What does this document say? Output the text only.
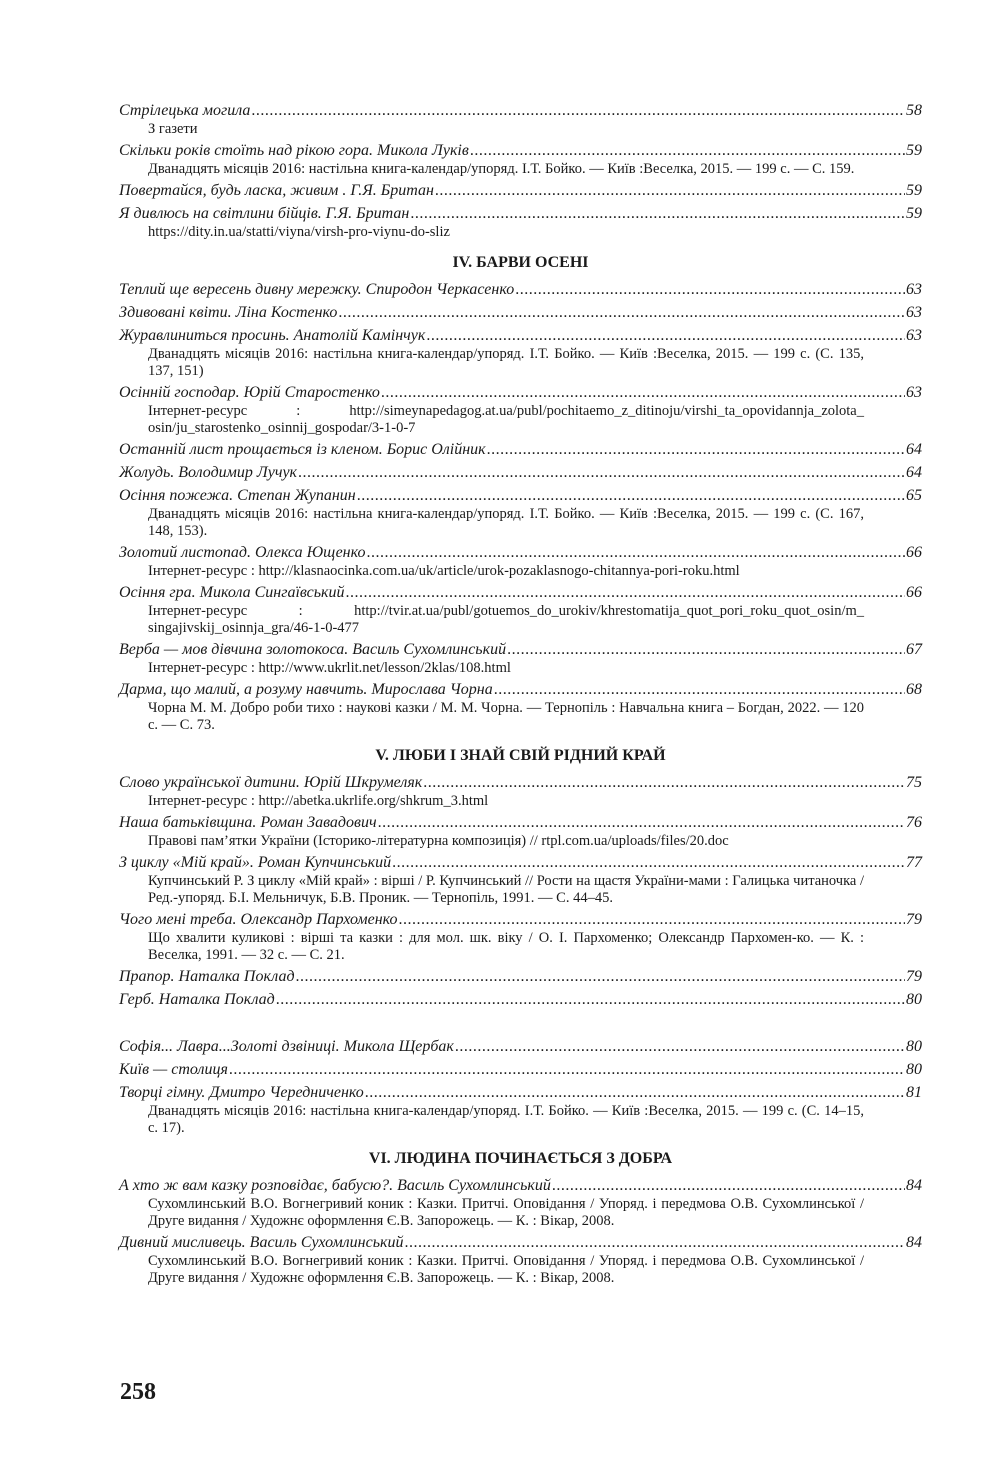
Стрілецька могила .....	58
З газети
Скільки років стоїть над рікою гора. Микола Луків .....	59
Дванадцять місяців 2016: настільна книга-календар/упоряд. І.Т. Бойко. — Київ :Веселка, 2015. — 199 с. — С. 159.
Повертайся, будь ласка, живим . Г.Я. Британ .....	59
Я дивлюсь на світлини бійців. Г.Я. Британ .....	59
https://dity.in.ua/statti/viyna/virsh-pro-viynu-do-sliz
IV. БАРВИ ОСЕНІ
Теплий ще вересень дивну мережку. Спиродон Черкасенко .....	63
Здивовані квіти. Ліна Костенко .....	63
Журавлиниться просинь. Анатолій Камінчук .....	63
Дванадцять місяців 2016: настільна книга-календар/упоряд. І.Т. Бойко. — Київ :Веселка, 2015. — 199 с. (С. 135, 137, 151)
Осінній господар. Юрій Старостенко .....	63
Інтернет-ресурс : http://simeynapedagog.at.ua/publ/pochitaemo_z_ditinoju/virshi_ta_opovidannja_zolota_ osin/ju_starostenko_osinnij_gospodar/3-1-0-7
Останній лист прощається із кленом. Борис Олійник .....	64
Жолудь. Володимир Лучук .....	64
Осіння пожежа. Степан Жупанин .....	65
Дванадцять місяців 2016: настільна книга-календар/упоряд. І.Т. Бойко. — Київ :Веселка, 2015. — 199 с. (С. 167, 148, 153).
Золотий листопад. Олекса Ющенко .....	66
Інтернет-ресурс : http://klasnaocinka.com.ua/uk/article/urok-pozaklasnogo-chitannya-pori-roku.html
Осіння гра. Микола Сингаївський .....	66
Інтернет-ресурс : http://tvir.at.ua/publ/gotuemos_do_urokiv/khrestomatija_quot_pori_roku_quot_osin/m_ singajivskij_osinnja_gra/46-1-0-477
Верба — мов дівчина золотокоса. Василь Сухомлинський .....	67
Інтернет-ресурс : http://www.ukrlit.net/lesson/2klas/108.html
Дарма, що малий, а розуму навчить. Мирослава Чорна .....	68
Чорна М. М. Добро роби тихо : наукові казки / М. М. Чорна. — Тернопіль : Навчальна книга – Богдан, 2022. — 120 с. — С. 73.
V. ЛЮБИ І ЗНАЙ СВІЙ РІДНИЙ КРАЙ
Слово української дитини. Юрій Шкрумеляк .....	75
Інтернет-ресурс : http://abetka.ukrlife.org/shkrum_3.html
Наша батьківщина. Роман Завадович .....	76
Правові пам’ятки України (Історико-літературна композиція) // rtpl.com.ua/uploads/files/20.doc
З циклу «Мій край». Роман Купчинський .....	77
Купчинський Р. З циклу «Мій край» : вірші / Р. Купчинський // Рости на щастя України-мами : Галицька читаночка / Ред.-упоряд. Б.І. Мельничук, Б.В. Проник. — Тернопіль, 1991. — С. 44–45.
Чого мені треба. Олександр Пархоменко .....	79
Що хвалити куликові : вірші та казки : для мол. шк. віку / О. І. Пархоменко; Олександр Пархомен-ко. — К. : Веселка, 1991. — 32 с. — С. 21.
Прапор. Наталка Поклад .....	79
Герб. Наталка Поклад .....	80
Софія... Лавра...Золоті дзвіниці. Микола Щербак .....	80
Київ — столиця .....	80
Творці гімну. Дмитро Чередниченко .....	81
Дванадцять місяців 2016: настільна книга-календар/упоряд. І.Т. Бойко. — Київ :Веселка, 2015. — 199 с. (С. 14–15, с. 17).
VI. ЛЮДИНА ПОЧИНАЄТЬСЯ З ДОБРА
А хто ж вам казку розповідає, бабусю?. Василь Сухомлинський .....	84
Сухомлинський В.О. Вогнегривий коник : Казки. Притчі. Оповідання / Упоряд. і передмова О.В. Сухомлинської / Друге видання / Художнє оформлення Є.В. Запорожець. — К. : Вікар, 2008.
Дивний мисливець. Василь Сухомлинський .....	84
Сухомлинський В.О. Вогнегривий коник : Казки. Притчі. Оповідання / Упоряд. і передмова О.В. Сухомлинської / Друге видання / Художнє оформлення Є.В. Запорожець. — К. : Вікар, 2008.
258
